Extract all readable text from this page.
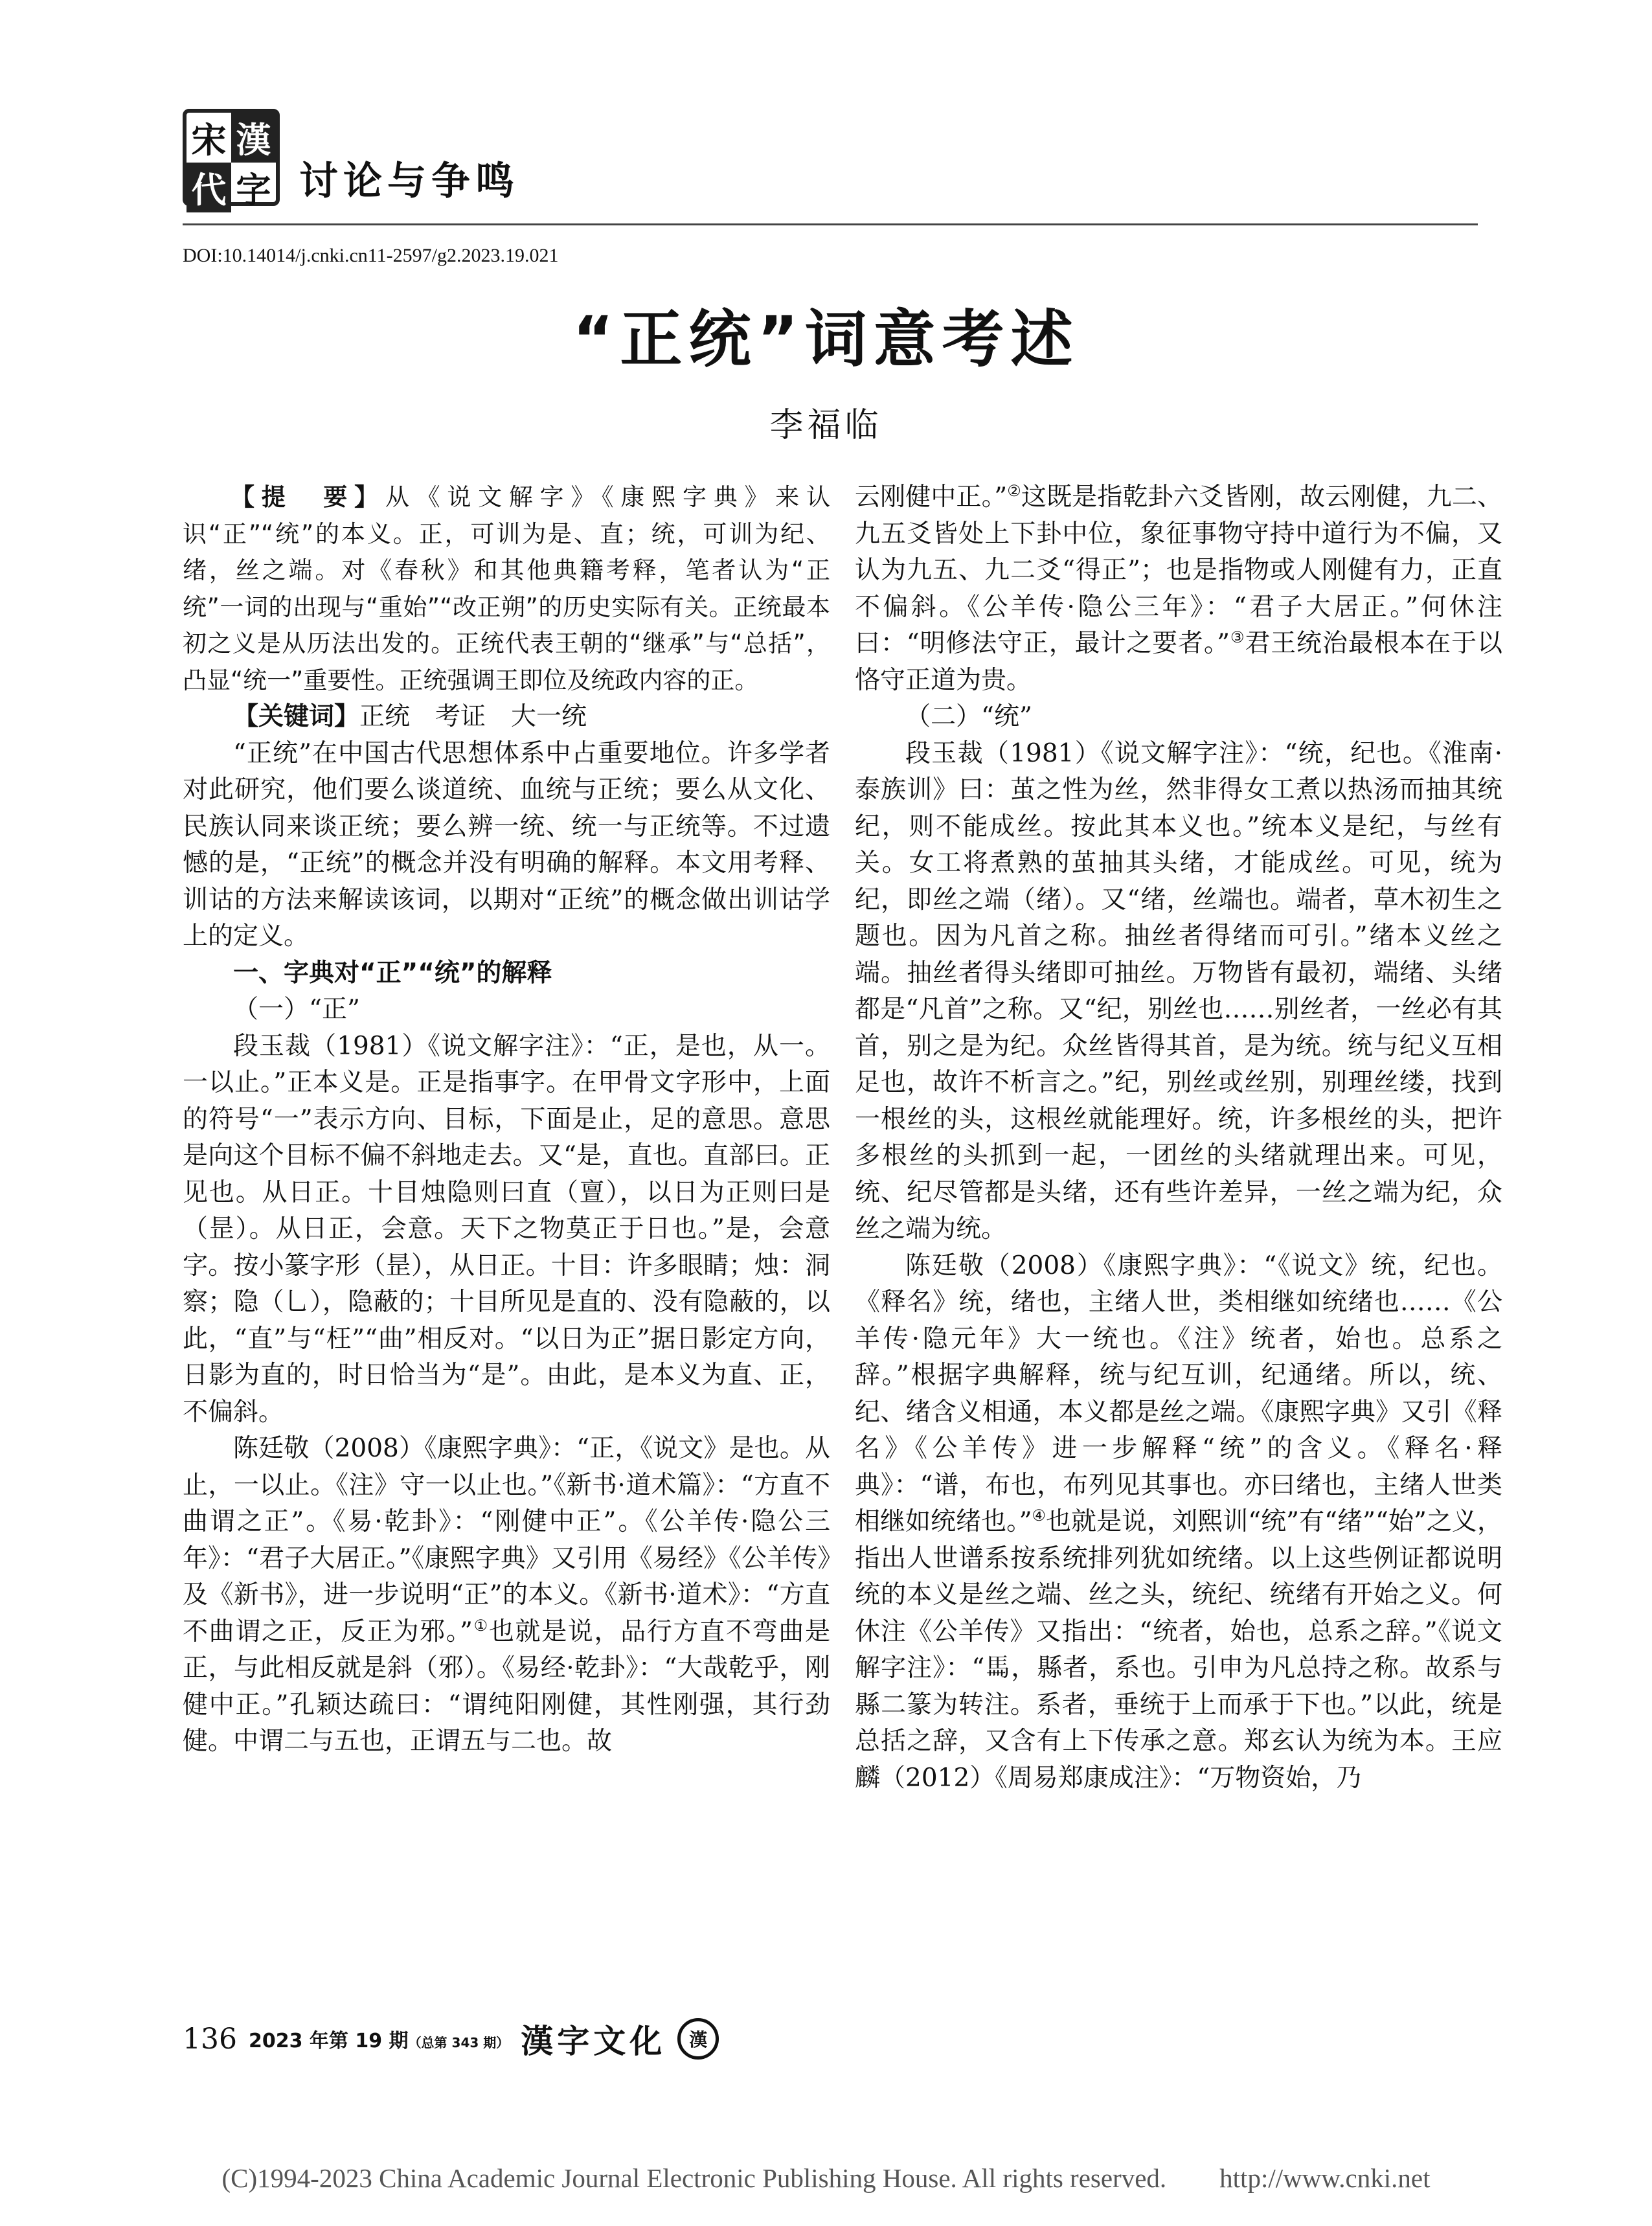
宋 漢
代 字 讨论与争鸣
DOI:10.14014/j.cnki.cn11-2597/g2.2023.19.021
“正统”词意考述
李福临

【提　要】从《说文解字》《康熙字典》来认识“正”“统”的本义。正，可训为是、直；统，可训为纪、绪，丝之端。对《春秋》和其他典籍考释，笔者认为“正统”一词的出现与“重始”“改正朔”的历史实际有关。正统最本初之义是从历法出发的。正统代表王朝的“继承”与“总括”，凸显“统一”重要性。正统强调王即位及统政内容的正。

【关键词】正统　考证　大一统

“正统”在中国古代思想体系中占重要地位。许多学者对此研究，他们要么谈道统、血统与正统；要么从文化、民族认同来谈正统；要么辨一统、统一与正统等。不过遗憾的是，“正统”的概念并没有明确的解释。本文用考释、训诂的方法来解读该词，以期对“正统”的概念做出训诂学上的定义。

一、字典对“正”“统”的解释
（一）“正”

段玉裁（1981）《说文解字注》：“正，是也，从一。一以止。”正本义是。正是指事字。在甲骨文字形中，上面的符号“一”表示方向、目标，下面是止，足的意思。意思是向这个目标不偏不斜地走去。又“是，直也。直部曰。正见也。从日正。十目烛隐则曰直（亶），以日为正则曰是（昰）。从日正，会意。天下之物莫正于日也。”是，会意字。按小篆字形（昰），从日正。十目：许多眼睛；烛：洞察；隐（乚），隐蔽的；十目所见是直的、没有隐蔽的，以此，“直”与“枉”“曲”相反对。“以日为正”据日影定方向，日影为直的，时日恰当为“是”。由此，是本义为直、正，不偏斜。

陈廷敬（2008）《康熙字典》：“正，《说文》是也。从止，一以止。《注》守一以止也。”《新书·道术篇》：“方直不曲谓之正”。《易·乾卦》：“刚健中正”。《公羊传·隐公三年》：“君子大居正。”《康熙字典》又引用《易经》《公羊传》及《新书》，进一步说明“正”的本义。《新书·道术》：“方直不曲谓之正，反正为邪。”①也就是说，品行方直不弯曲是正，与此相反就是斜（邪）。《易经·乾卦》：“大哉乾乎，刚健中正。”孔颖达疏曰：“谓纯阳刚健，其性刚强，其行劲健。中谓二与五也，正谓五与二也。故

云刚健中正。”②这既是指乾卦六爻皆刚，故云刚健，九二、九五爻皆处上下卦中位，象征事物守持中道行为不偏，又认为九五、九二爻“得正”；也是指物或人刚健有力，正直不偏斜。《公羊传·隐公三年》：“君子大居正。”何休注曰：“明修法守正，最计之要者。”③君王统治最根本在于以恪守正道为贵。

（二）“统”

段玉裁（1981）《说文解字注》：“统，纪也。《淮南·泰族训》曰：茧之性为丝，然非得女工煮以热汤而抽其统纪，则不能成丝。按此其本义也。”统本义是纪，与丝有关。女工将煮熟的茧抽其头绪，才能成丝。可见，统为纪，即丝之端（绪）。又“绪，丝端也。端者，草木初生之题也。因为凡首之称。抽丝者得绪而可引。”绪本义丝之端。抽丝者得头绪即可抽丝。万物皆有最初，端绪、头绪都是“凡首”之称。又“纪，别丝也……别丝者，一丝必有其首，别之是为纪。众丝皆得其首，是为统。统与纪义互相足也，故许不析言之。”纪，别丝或丝别，别理丝缕，找到一根丝的头，这根丝就能理好。统，许多根丝的头，把许多根丝的头抓到一起，一团丝的头绪就理出来。可见，统、纪尽管都是头绪，还有些许差异，一丝之端为纪，众丝之端为统。

陈廷敬（2008）《康熙字典》：“《说文》统，纪也。《释名》统，绪也，主绪人世，类相继如统绪也……《公羊传·隐元年》大一统也。《注》统者，始也。总系之辞。”根据字典解释，统与纪互训，纪通绪。所以，统、纪、绪含义相通，本义都是丝之端。《康熙字典》又引《释名》《公羊传》进一步解释“统”的含义。《释名·释典》：“谱，布也，布列见其事也。亦曰绪也，主绪人世类相继如统绪也。”④也就是说，刘熙训“统”有“绪”“始”之义，指出人世谱系按系统排列犹如统绪。以上这些例证都说明统的本义是丝之端、丝之头，统纪、统绪有开始之义。何休注《公羊传》又指出：“统者，始也，总系之辞。”《说文解字注》：“𩡧，縣者，系也。引申为凡总持之称。故系与縣二篆为转注。系者，垂统于上而承于下也。”以此，统是总括之辞，又含有上下传承之意。郑玄认为统为本。王应麟（2012）《周易郑康成注》：“万物资始，乃

136 2023 年第 19 期（总第 343 期） 漢字文化	漢
(C)1994-2023 China Academic Journal Electronic Publishing House. All rights reserved.　　http://www.cnki.net
